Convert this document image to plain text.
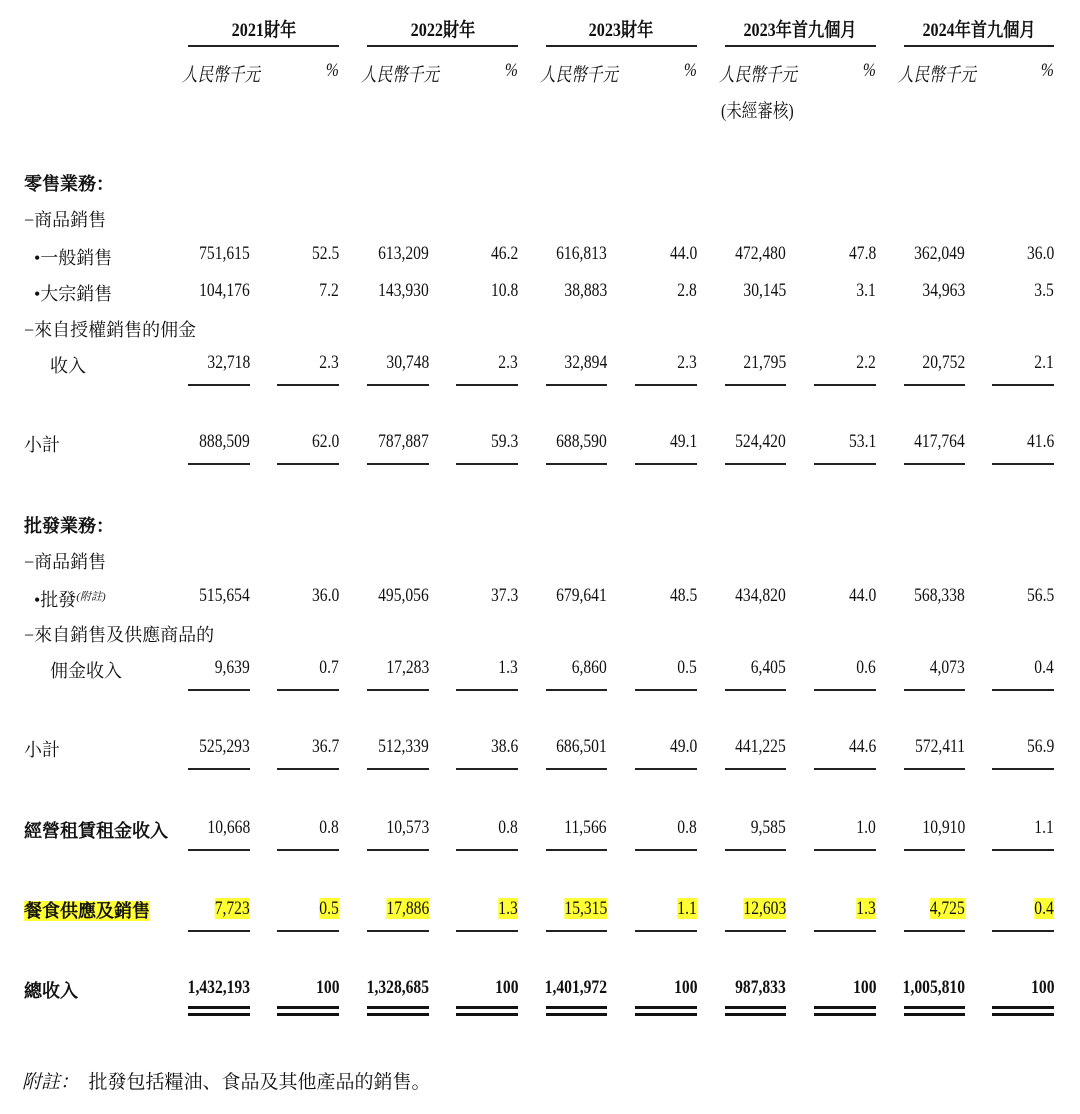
2021財年
人民幣千元	%
2022財年
人民幣千元	%
2023財年
人民幣千元	%
2023年首九個月
人民幣千元	%
(未經審核)
2024年首九個月
人民幣千元	%
零售業務：
−商品銷售
•一般銷售	751,615	52.5 613,209	46.2 616,813	44.0 472,480	47.8 362,049	36.0
•大宗銷售	104,176	7.2 143,930	10.8 38,883	2.8 30,145	3.1 34,963	3.5
−來自授權銷售的佣金
收入	32,718	2.3 30,748	2.3 32,894	2.3 21,795	2.2 20,752	2.1
小計	888,509	62.0 787,887	59.3 688,590	49.1 524,420	53.1 417,764	41.6
批發業務：
−商品銷售
•批發$^{(附註)}$	515,654	36.0 495,056	37.3 679,641	48.5 434,820	44.0 568,338	56.5
−來自銷售及供應商品的
佣金收入	9,639	0.7 17,283	1.3	6,860	0.5	6,405	0.6	4,073	0.4
小計	525,293	36.7 512,339	38.6 686,501	49.0 441,225	44.6 572,411	56.9
經營租賃租金收入 10,668	0.8 10,573	0.8 11,566	0.8	9,585	1.0 10,910	1.1
餐食供應及銷售	7,723	0.5 17,886	1.3 15,315	1.1 12,603	1.3	4,725	0.4
總收入	1,432,193	100 1,328,685	100 1,401,972	100 987,833	100 1,005,810	100
附註： 批發包括糧油、食品及其他產品的銷售。
